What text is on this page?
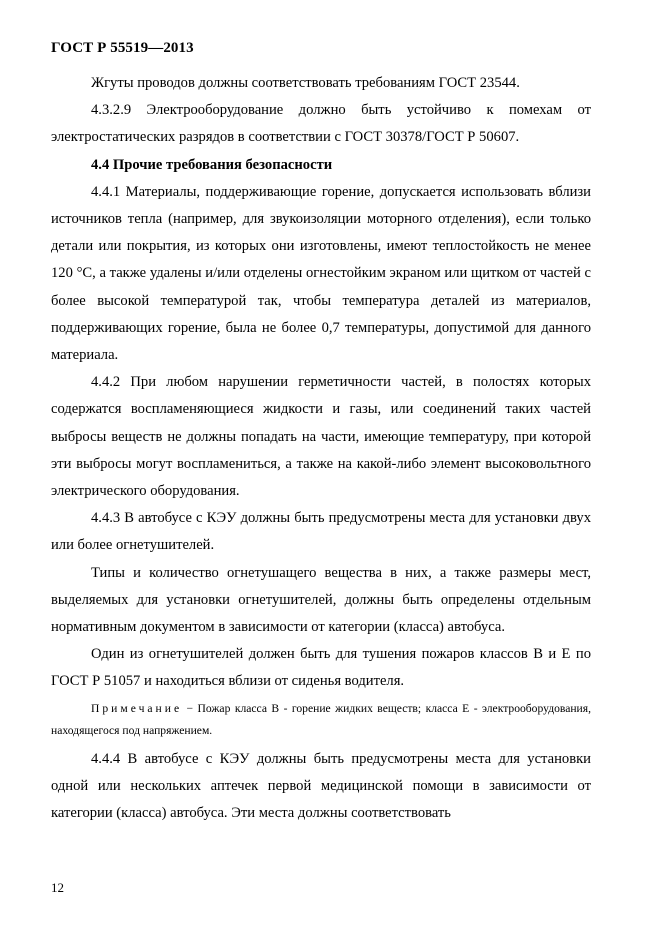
ГОСТ Р 55519—2013

Жгуты проводов должны соответствовать требованиям ГОСТ 23544.

4.3.2.9 Электрооборудование должно быть устойчиво к помехам от электростатических разрядов в соответствии с ГОСТ 30378/ГОСТ Р 50607.

4.4 Прочие требования безопасности

4.4.1 Материалы, поддерживающие горение, допускается использовать вблизи источников тепла (например, для звукоизоляции моторного отделения), если только детали или покрытия, из которых они изготовлены, имеют теплостойкость не менее 120 °С, а также удалены и/или отделены огнестойким экраном или щитком от частей с более высокой температурой так, чтобы температура деталей из материалов, поддерживающих горение, была не более 0,7 температуры, допустимой для данного материала.

4.4.2 При любом нарушении герметичности частей, в полостях которых содержатся воспламеняющиеся жидкости и газы, или соединений таких частей выбросы веществ не должны попадать на части, имеющие температуру, при которой эти выбросы могут воспламениться, а также на какой-либо элемент высоковольтного электрического оборудования.

4.4.3 В автобусе с КЭУ должны быть предусмотрены места для установки двух или более огнетушителей.

Типы и количество огнетушащего вещества в них, а также размеры мест, выделяемых для установки огнетушителей, должны быть определены отдельным нормативным документом в зависимости от категории (класса) автобуса.

Один из огнетушителей должен быть для тушения пожаров классов В и Е по ГОСТ Р 51057 и находиться вблизи от сиденья водителя.

Примечание − Пожар класса В - горение жидких веществ; класса Е - электрооборудования, находящегося под напряжением.

4.4.4 В автобусе с КЭУ должны быть предусмотрены места для установки одной или нескольких аптечек первой медицинской помощи в зависимости от категории (класса) автобуса. Эти места должны соответствовать

12
